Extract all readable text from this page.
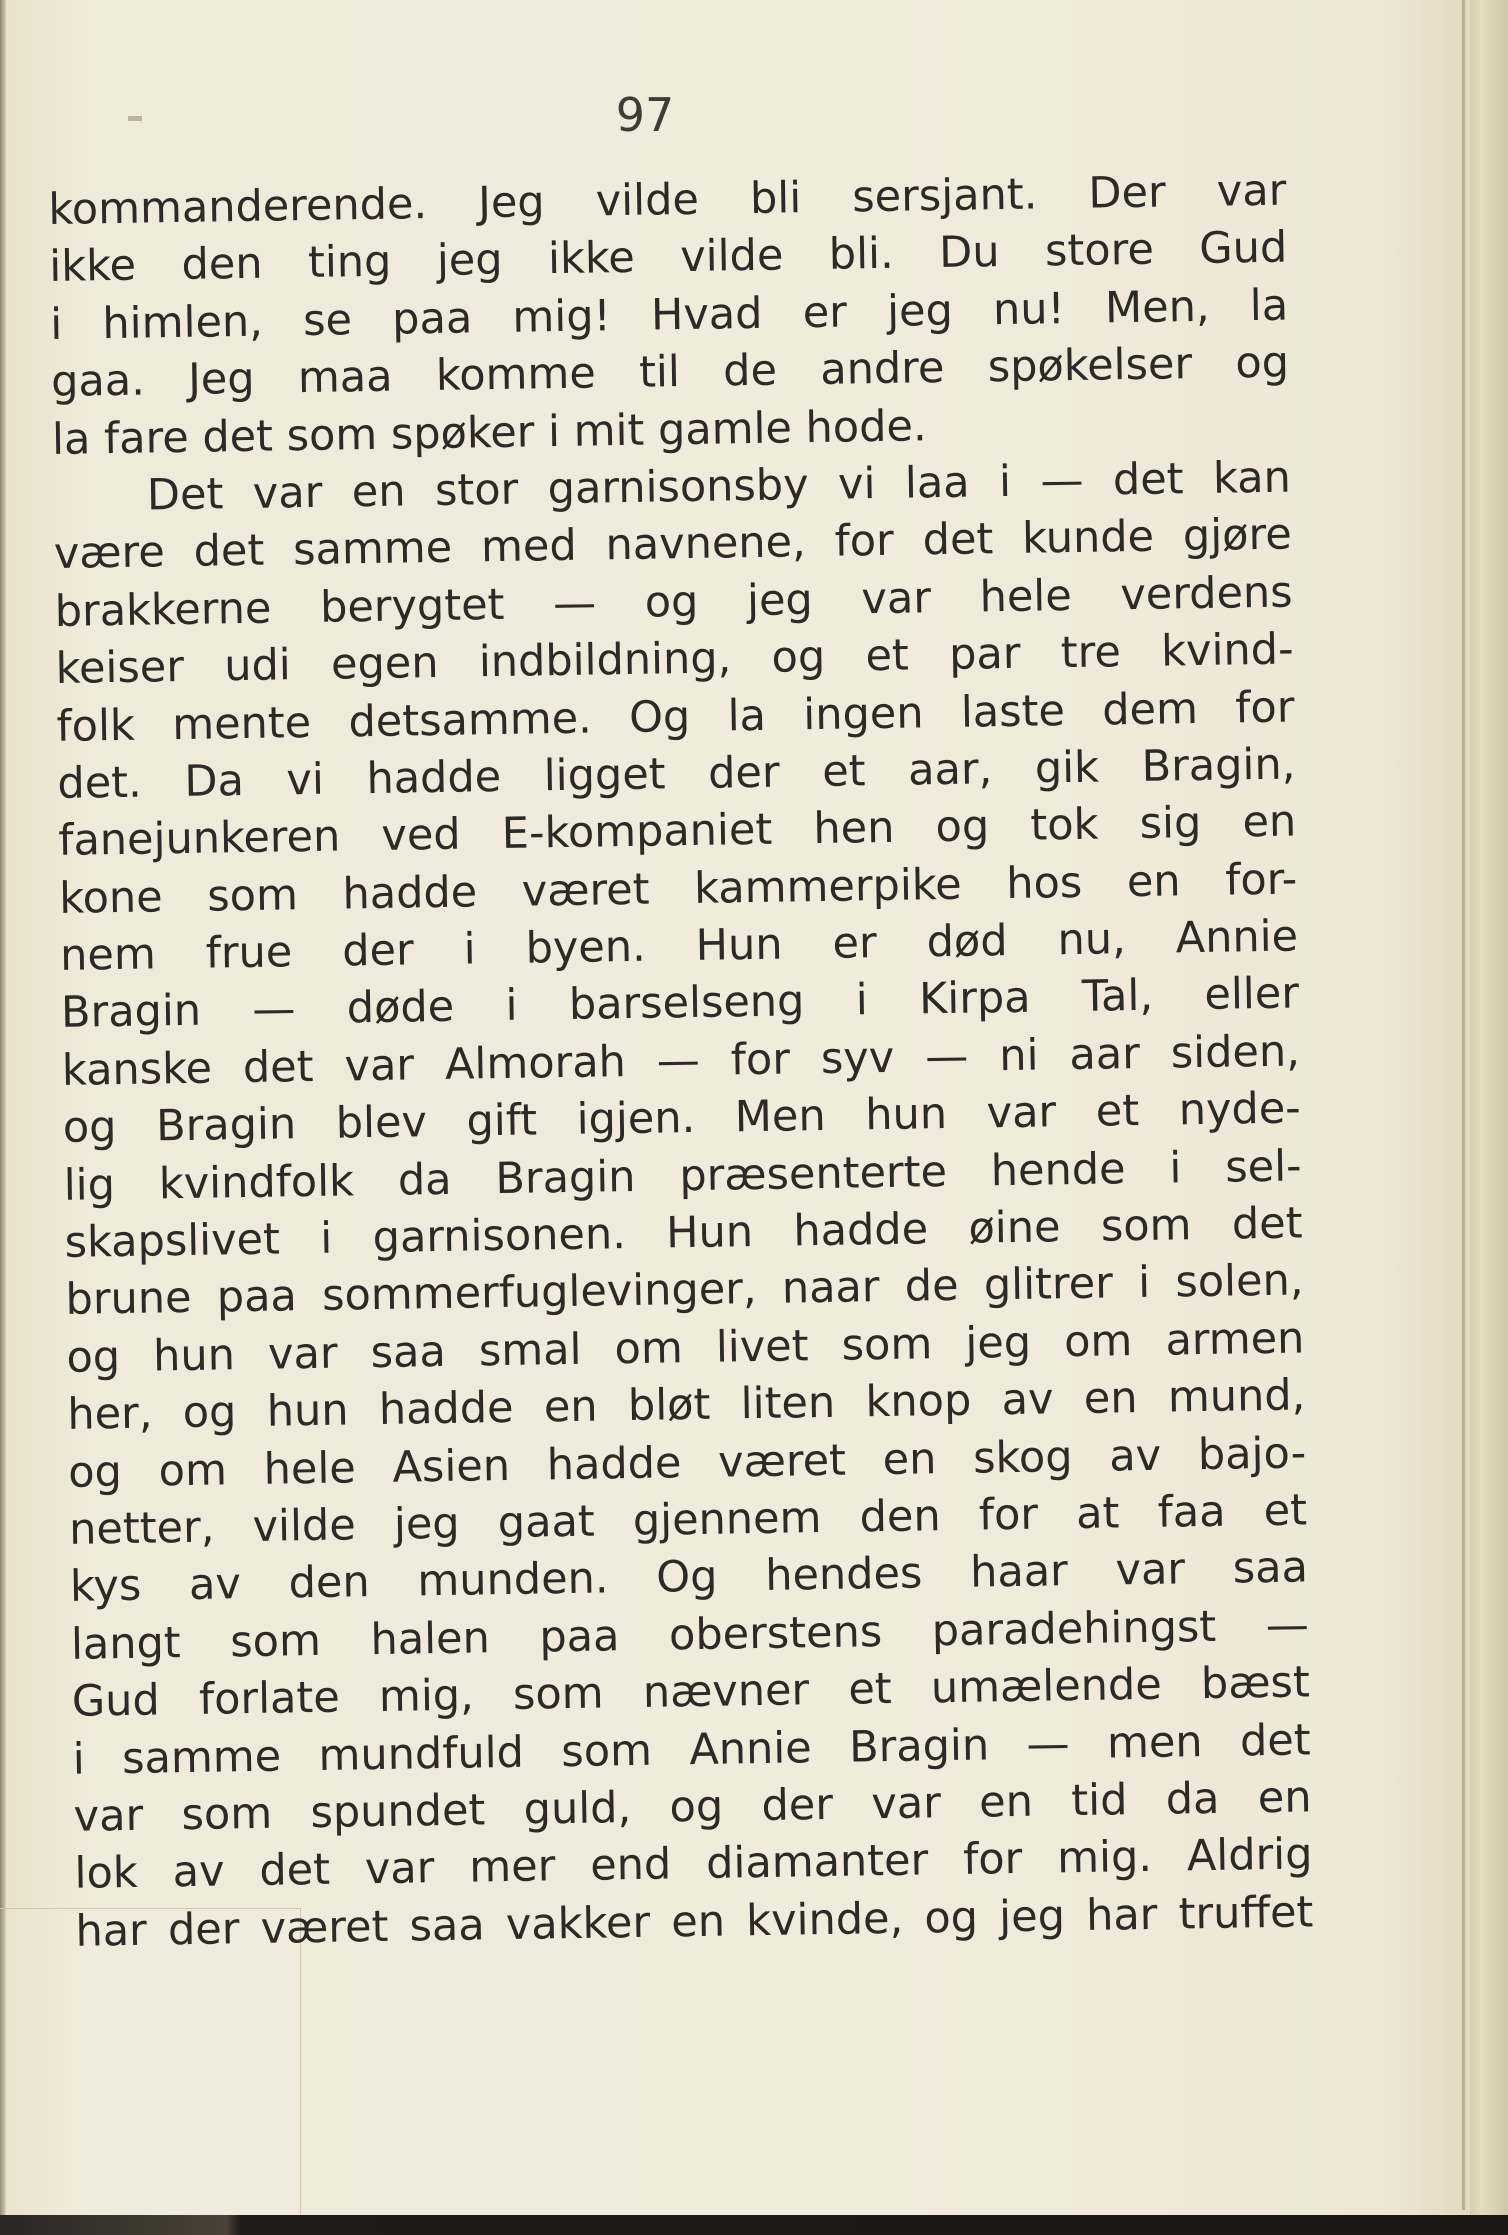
97

kommanderende. Jeg vilde bli sersjant. Der var

ikke den ting jeg ikke vilde bli. Du store Gud

i himlen, se paa mig! Hvad er jeg nu! Men, la

gaa. Jeg maa komme til de andre spøkelser og

la fare det som spøker i mit gamle hode.

Det var en stor garnisonsby vi laa i — det kan

være det samme med navnene, for det kunde gjøre

brakkerne berygtet — og jeg var hele verdens

keiser udi egen indbildning, og et par tre kvind-

folk mente detsamme. Og la ingen laste dem for

det. Da vi hadde ligget der et aar, gik Bragin,

fanejunkeren ved E-kompaniet hen og tok sig en

kone som hadde været kammerpike hos en for-

nem frue der i byen. Hun er død nu, Annie

Bragin — døde i barselseng i Kirpa Tal, eller

kanske det var Almorah — for syv — ni aar siden,

og Bragin blev gift igjen. Men hun var et nyde-

lig kvindfolk da Bragin præsenterte hende i sel-

skapslivet i garnisonen. Hun hadde øine som det

brune paa sommerfuglevinger, naar de glitrer i solen,

og hun var saa smal om livet som jeg om armen

her, og hun hadde en bløt liten knop av en mund,

og om hele Asien hadde været en skog av bajo-

netter, vilde jeg gaat gjennem den for at faa et

kys av den munden. Og hendes haar var saa

langt som halen paa oberstens paradehingst —

Gud forlate mig, som nævner et umælende bæst

i samme mundfuld som Annie Bragin — men det

var som spundet guld, og der var en tid da en

lok av det var mer end diamanter for mig. Aldrig

har der været saa vakker en kvinde, og jeg har truffet
